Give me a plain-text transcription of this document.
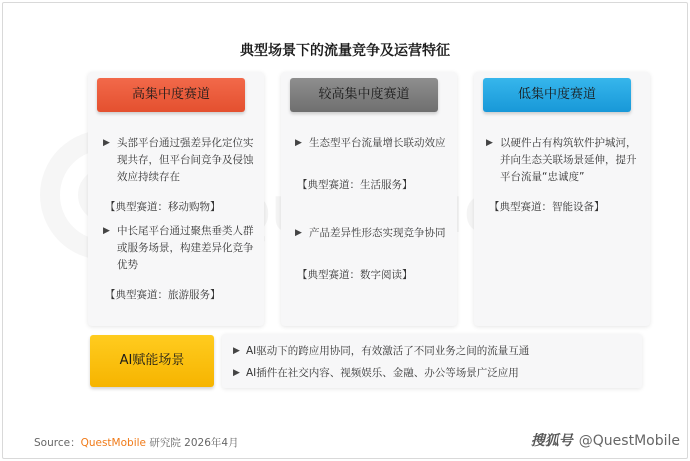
典型场景下的流量竞争及运营特征
高集中度赛道	较高集中度赛道	低集中度赛道
▶ 头部平台通过强差异化定位实现共存，但平台间竞争及侵蚀效应持续存在
【典型赛道：移动购物】
▶ 中长尾平台通过聚焦垂类人群或服务场景，构建差异化竞争优势
【典型赛道：旅游服务】
▶ 生态型平台流量增长联动效应
【典型赛道：生活服务】
▶ 产品差异性形态实现竞争协同
【典型赛道：数字阅读】
▶ 以硬件占有构筑软件护城河，并向生态关联场景延伸，提升平台流量“忠诚度”
【典型赛道：智能设备】
AI赋能场景
▶ AI驱动下的跨应用协同，有效激活了不同业务之间的流量互通
▶ AI插件在社交内容、视频娱乐、金融、办公等场景广泛应用
Source：QuestMobile 研究院 2026年4月	搜狐号 @QuestMobile
